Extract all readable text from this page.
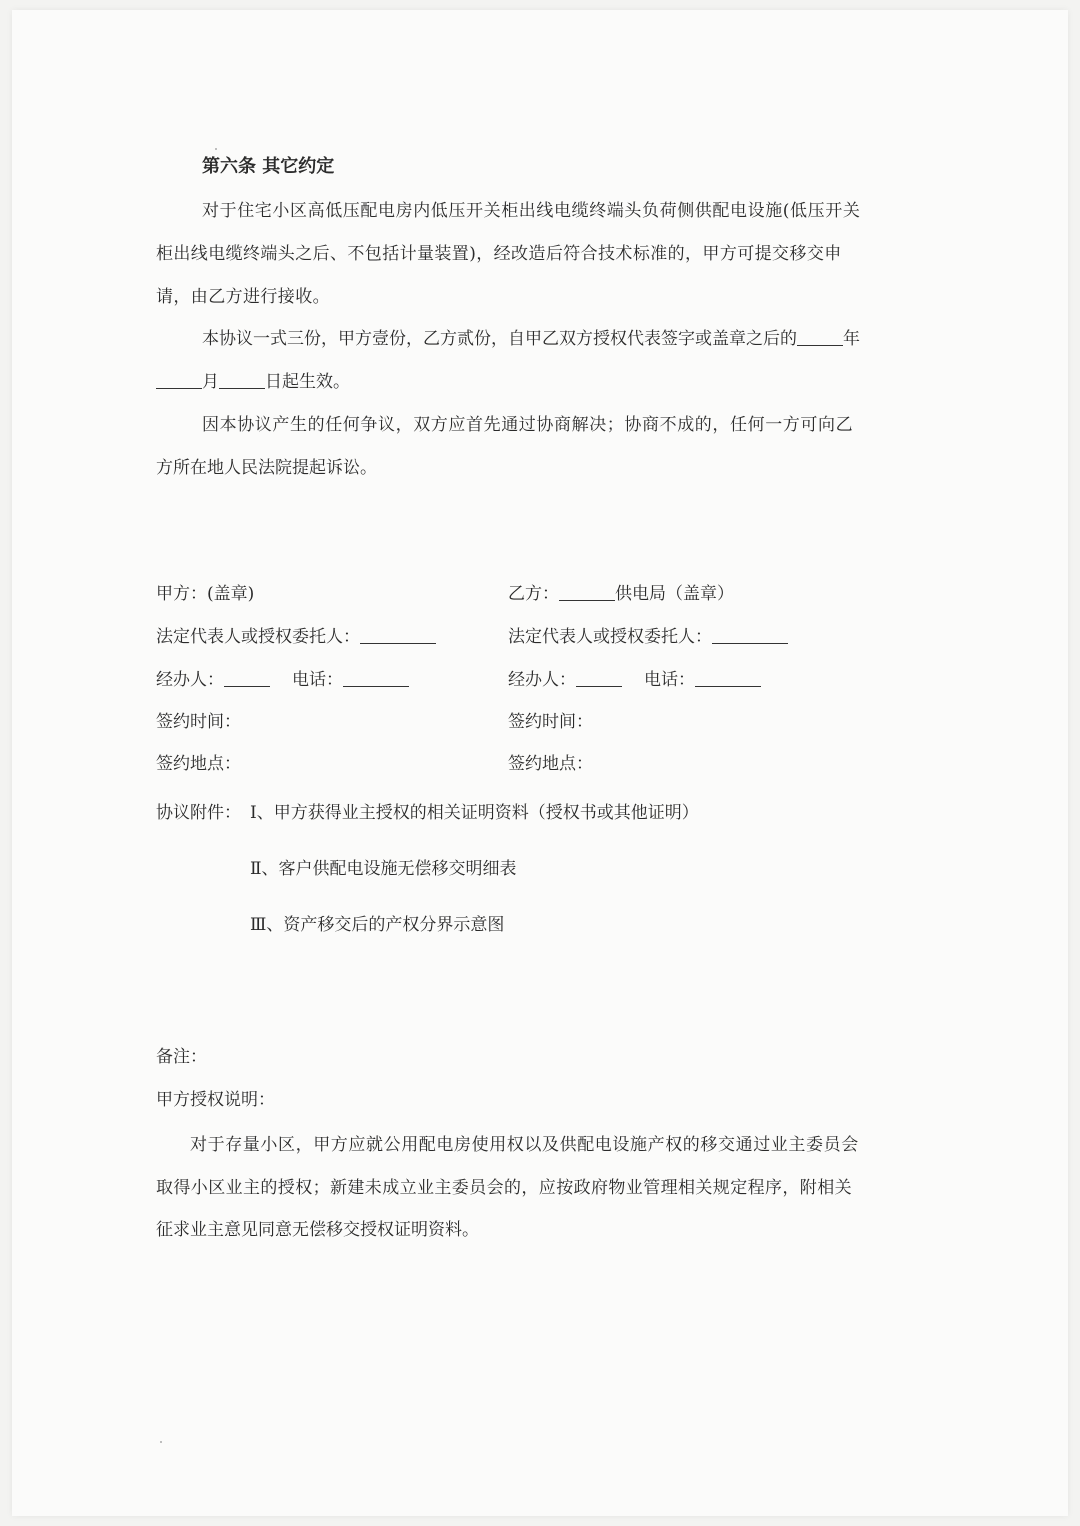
第六条 其它约定
对于住宅小区高低压配电房内低压开关柜出线电缆终端头负荷侧供配电设施(低压开关
柜出线电缆终端头之后、不包括计量装置)，经改造后符合技术标准的，甲方可提交移交申
请，由乙方进行接收。
本协议一式三份，甲方壹份，乙方贰份，自甲乙双方授权代表签字或盖章之后的	年
月	日起生效。
因本协议产生的任何争议，双方应首先通过协商解决；协商不成的，任何一方可向乙
方所在地人民法院提起诉讼。
甲方：(盖章)
法定代表人或授权委托人：
经办人：	电话：
签约时间：
签约地点：
乙方：	供电局（盖章）
法定代表人或授权委托人：
经办人：	电话：
签约时间：
签约地点：
协议附件： Ⅰ、甲方获得业主授权的相关证明资料（授权书或其他证明）
Ⅱ、客户供配电设施无偿移交明细表
Ⅲ、资产移交后的产权分界示意图
备注：
甲方授权说明：
对于存量小区，甲方应就公用配电房使用权以及供配电设施产权的移交通过业主委员会
取得小区业主的授权；新建未成立业主委员会的，应按政府物业管理相关规定程序，附相关
征求业主意见同意无偿移交授权证明资料。
